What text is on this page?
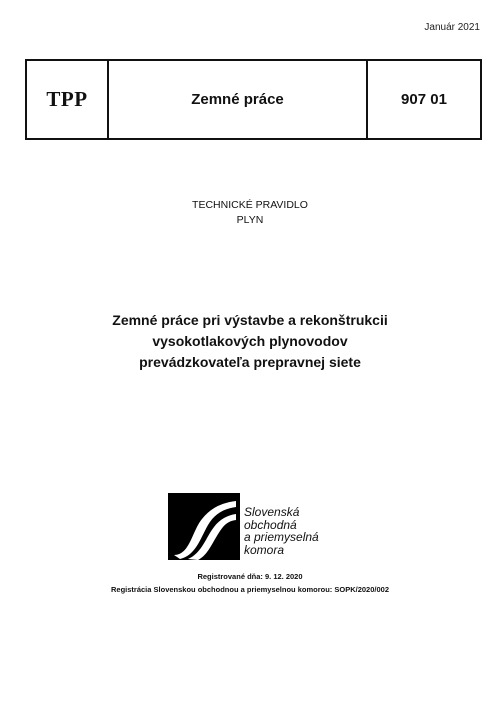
Január 2021
TPP	Zemné práce	907 01
TECHNICKÉ PRAVIDLO
PLYN
Zemné práce pri výstavbe a rekonštrukcii
vysokotlakových plynovodov
prevádzkovateľa prepravnej siete
Slovenská
obchodná
a priemyselná
komora
Registrované dňa: 9. 12. 2020
Registrácia Slovenskou obchodnou a priemyselnou komorou: SOPK/2020/002
